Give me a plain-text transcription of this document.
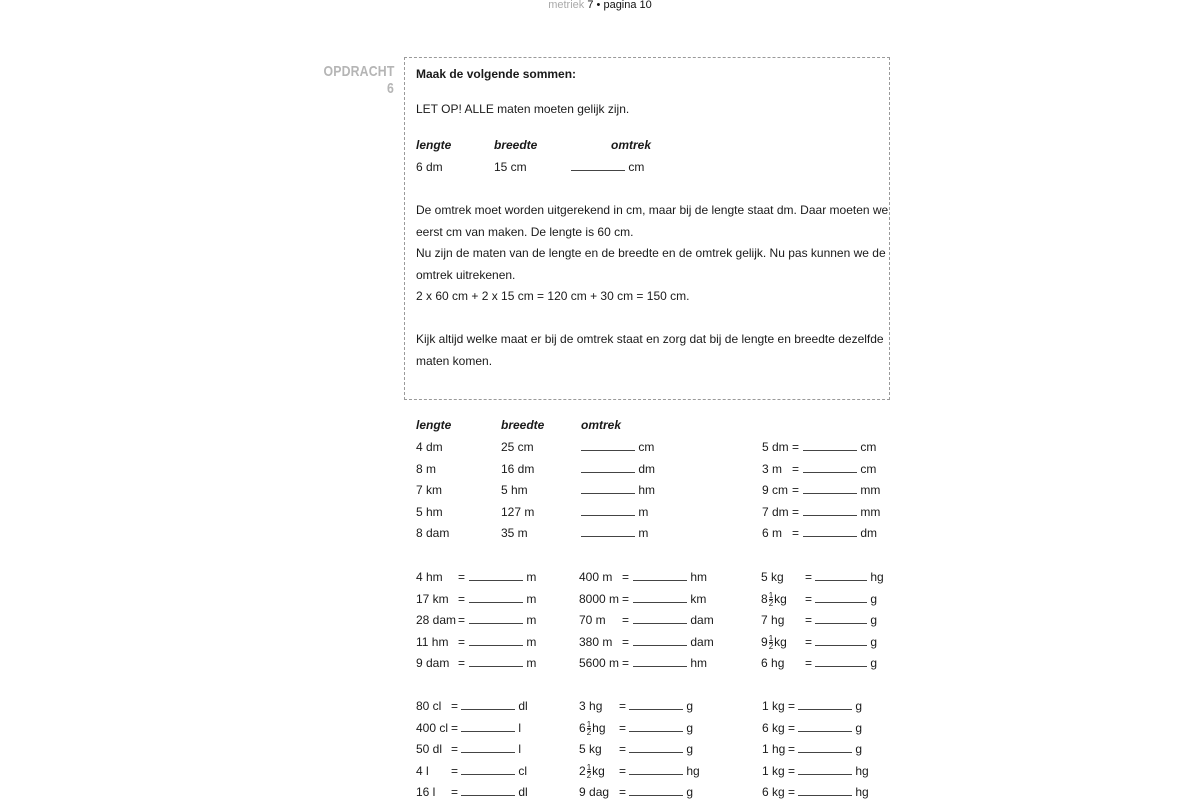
metriek 7 • pagina 10
OPDRACHT 6
Maak de volgende sommen:
LET OP! ALLE maten moeten gelijk zijn.
lengte	breedte	omtrek
6 dm	15 cm	cm
De omtrek moet worden uitgerekend in cm, maar bij de lengte staat dm. Daar moeten we
eerst cm van maken. De lengte is 60 cm.
Nu zijn de maten van de lengte en de breedte en de omtrek gelijk. Nu pas kunnen we de
omtrek uitrekenen.
2 x 60 cm + 2 x 15 cm = 120 cm + 30 cm = 150 cm.
Kijk altijd welke maat er bij de omtrek staat en zorg dat bij de lengte en breedte dezelfde
maten komen.
lengte	breedte	omtrek
4 dm	25 cm	cm
8 m	16 dm	dm
7 km	5 hm	hm
5 hm	127 m	m
8 dam	35 m	m
5 dm =	cm
3 m =	cm
9 cm =	mm
7 dm =	mm
6 m =	dm
4 hm =	m
17 km =	m
28 dam =	m
11 hm =	m
9 dam =	m
400 m =	hm
8000 m =	km
70 m =	dam
380 m =	dam
5600 m =	hm
5 kg =	hg
$8 \frac{1}{2}$ kg =	g
7 hg =	g
$9 \frac{1}{2}$ kg =	g
6 hg =	g
80 cl =	dl
400 cl =	l
50 dl =	l
4 l =	cl
16 l =	dl
3 hg =	g
$6 \frac{1}{2}$ hg =	g
5 kg =	g
$2 \frac{1}{2}$ kg =	hg
9 dag =	g
1 kg =	g
6 kg =	g
1 hg =	g
1 kg =	hg
6 kg =	hg
